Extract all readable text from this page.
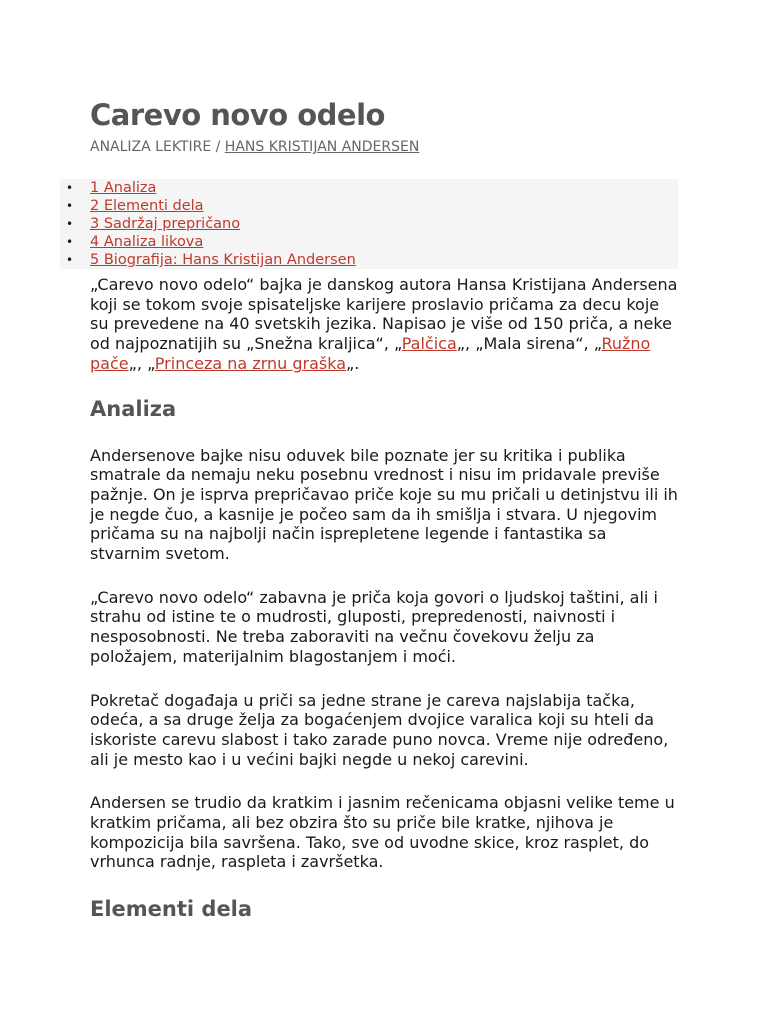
Carevo novo odelo
ANALIZA LEKTIRE / HANS KRISTIJAN ANDERSEN
• 1 Analiza
• 2 Elementi dela
• 3 Sadržaj prepričano
• 4 Analiza likova
• 5 Biografija: Hans Kristijan Andersen

„Carevo novo odelo“ bajka je danskog autora Hansa Kristijana Andersena koji se tokom svoje spisateljske karijere proslavio pričama za decu koje su prevedene na 40 svetskih jezika. Napisao je više od 150 priča, a neke od najpoznatijih su „Snežna kraljica“, „Palčica„, „Mala sirena“, „Ružno pače„, „Princeza na zrnu graška„.

Analiza

Andersenove bajke nisu oduvek bile poznate jer su kritika i publika smatrale da nemaju neku posebnu vrednost i nisu im pridavale previše pažnje. On je isprva prepričavao priče koje su mu pričali u detinjstvu ili ih je negde čuo, a kasnije je počeo sam da ih smišlja i stvara. U njegovim pričama su na najbolji način isprepletene legende i fantastika sa stvarnim svetom.

„Carevo novo odelo“ zabavna je priča koja govori o ljudskoj taštini, ali i strahu od istine te o mudrosti, gluposti, prepredenosti, naivnosti i nesposobnosti. Ne treba zaboraviti na večnu čovekovu želju za položajem, materijalnim blagostanjem i moći.

Pokretač događaja u priči sa jedne strane je careva najslabija tačka, odeća, a sa druge želja za bogaćenjem dvojice varalica koji su hteli da iskoriste carevu slabost i tako zarade puno novca. Vreme nije određeno, ali je mesto kao i u većini bajki negde u nekoj carevini.

Andersen se trudio da kratkim i jasnim rečenicama objasni velike teme u kratkim pričama, ali bez obzira što su priče bile kratke, njihova je kompozicija bila savršena. Tako, sve od uvodne skice, kroz rasplet, do vrhunca radnje, raspleta i završetka.

Elementi dela
